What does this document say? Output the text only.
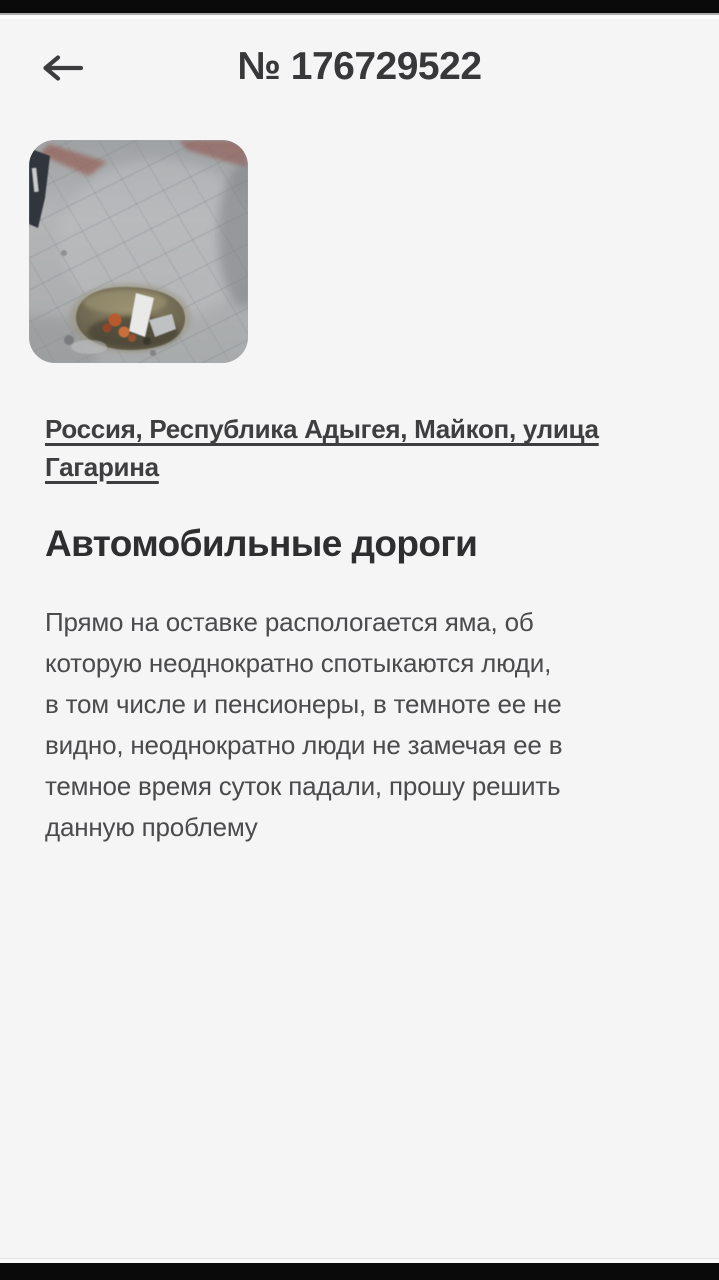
№ 176729522
Россия, Республика Адыгея, Майкоп, улица
Гагарина
Автомобильные дороги
Прямо на оставке распологается яма, об
которую неоднократно спотыкаются люди,
в том числе и пенсионеры, в темноте ее не
видно, неоднократно люди не замечая ее в
темное время суток падали, прошу решить
данную проблему
